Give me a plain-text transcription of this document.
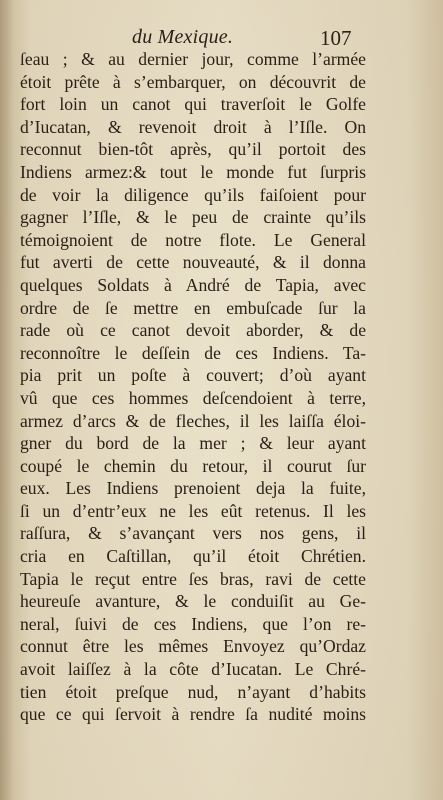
du Mexique.	107
ſeau ; & au dernier jour, comme l’armée
étoit prête à s’embarquer, on découvrit de
fort loin un canot qui traverſoit le Golfe
d’Iucatan, & revenoit droit à l’Iſle. On
reconnut bien-tôt après, qu’il portoit des
Indiens armez:& tout le monde fut ſurpris
de voir la diligence qu’ils faiſoient pour
gagner l’Iſle, & le peu de crainte qu’ils
témoignoient de notre flote. Le General
fut averti de cette nouveauté, & il donna
quelques Soldats à André de Tapia, avec
ordre de ſe mettre en embuſcade ſur la
rade où ce canot devoit aborder, & de
reconnoître le deſſein de ces Indiens. Ta-
pia prit un poſte à couvert; d’où ayant
vû que ces hommes deſcendoient à terre,
armez d’arcs & de fleches, il les laiſſa éloi-
gner du bord de la mer ; & leur ayant
coupé le chemin du retour, il courut ſur
eux. Les Indiens prenoient deja la fuite,
ſi un d’entr’eux ne les eût retenus. Il les
raſſura, & s’avançant vers nos gens, il
cria en Caſtillan, qu’il étoit Chrétien.
Tapia le reçut entre ſes bras, ravi de cette
heureuſe avanture, & le conduiſit au Ge-
neral, ſuivi de ces Indiens, que l’on re-
connut être les mêmes Envoyez qu’Ordaz
avoit laiſſez à la côte d’Iucatan. Le Chré-
tien étoit preſque nud, n’ayant d’habits
que ce qui ſervoit à rendre ſa nudité moins
